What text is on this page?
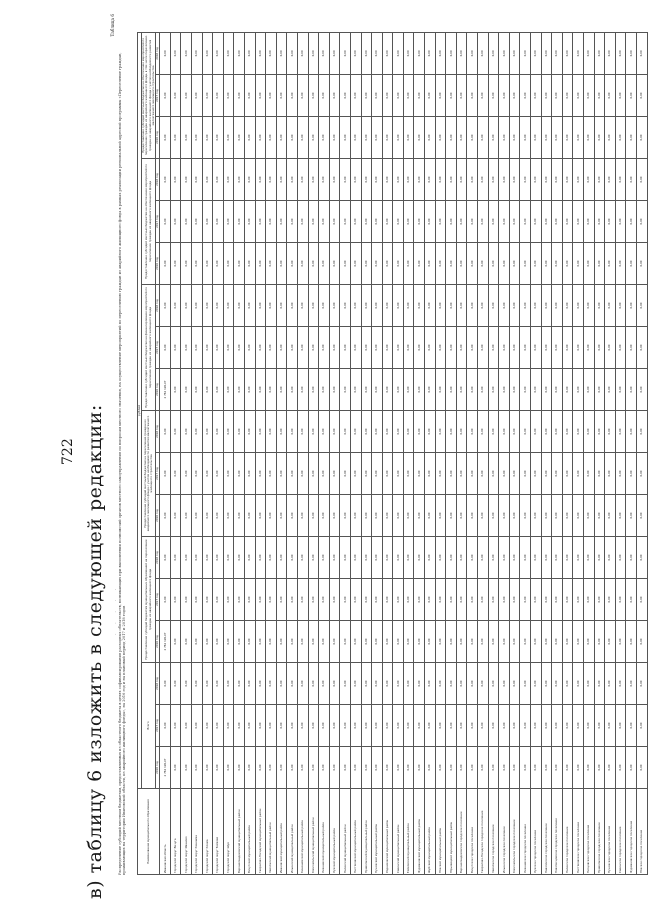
в) таблицу 6 изложить в следующей редакции:
722
· · · · ·
Таблица 6
Распределение субсидий местным бюджетам, предоставляемых из областного бюджета в целях софинансирования расходных обязательств, возникающих при выполнении полномочий органов местного самоуправления по вопросам местного значения, на осуществление мероприятий по переселению граждан из аварийного жилищного фонда в рамках реализации региональной адресной программы «Переселение граждан, проживающих на территории Ивановской области, из аварийного жилищного фонда», на 2016 год и на плановый период 2017 и 2018 годов	Наименование муниципального образования	рублей																	
	Всего			Предоставление субсидий бюджетам муниципальных образований на переселение граждан из аварийного жилищного фонда			Предоставление субсидий местным бюджетам на переселение граждан из аварийного жилищного фонда с учетом необходимости развития малоэтажного жилищного строительства			Предоставление субсидий местным бюджетам на финансирование мероприятий по переселению граждан из аварийного жилищного фонда			Предоставление субсидий местным бюджетам на обеспечение мероприятий по переселению граждан из аварийного жилищного фонда			Предоставление субсидий местным бюджетам на обеспечение мероприятий по переселению граждан из аварийного жилищного фонда, в том числе переселению граждан из аварийного жилищного фонда с учетом необходимости развития малоэтажного жилищного строительства		
	2016 год	2017 год	2018 год	2016 год	2017 год	2018 год	2016 год	2017 год	2018 год	2016 год	2017 год	2018 год	2016 год	2017 год	2018 год	2016 год	2017 год	2018 год
Ивановская область	2 762 190,97	0,00	0,00	2 762 190,97	0,00	0,00	0,00	0,00	0,00	2 762 190,97	0,00	0,00	0,00	0,00	0,00	0,00	0,00	0,00
Городской округ Вичуга	0,00	0,00	0,00	0,00	0,00	0,00	0,00	0,00	0,00	0,00	0,00	0,00	0,00	0,00	0,00	0,00	0,00	0,00
Городской округ Иваново	0,00	0,00	0,00	0,00	0,00	0,00	0,00	0,00	0,00	0,00	0,00	0,00	0,00	0,00	0,00	0,00	0,00	0,00
Городской округ Кинешма	0,00	0,00	0,00	0,00	0,00	0,00	0,00	0,00	0,00	0,00	0,00	0,00	0,00	0,00	0,00	0,00	0,00	0,00
Городской округ Кохма	0,00	0,00	0,00	0,00	0,00	0,00	0,00	0,00	0,00	0,00	0,00	0,00	0,00	0,00	0,00	0,00	0,00	0,00
Городской округ Тейково	0,00	0,00	0,00	0,00	0,00	0,00	0,00	0,00	0,00	0,00	0,00	0,00	0,00	0,00	0,00	0,00	0,00	0,00
Городской округ Шуя	0,00	0,00	0,00	0,00	0,00	0,00	0,00	0,00	0,00	0,00	0,00	0,00	0,00	0,00	0,00	0,00	0,00	0,00
Верхнеландеховский муниципальный район	0,00	0,00	0,00	0,00	0,00	0,00	0,00	0,00	0,00	0,00	0,00	0,00	0,00	0,00	0,00	0,00	0,00	0,00
Вичугский муниципальный район	0,00	0,00	0,00	0,00	0,00	0,00	0,00	0,00	0,00	0,00	0,00	0,00	0,00	0,00	0,00	0,00	0,00	0,00
Гаврилово-Посадский муниципальный район	0,00	0,00	0,00	0,00	0,00	0,00	0,00	0,00	0,00	0,00	0,00	0,00	0,00	0,00	0,00	0,00	0,00	0,00
Заволжский муниципальный район	0,00	0,00	0,00	0,00	0,00	0,00	0,00	0,00	0,00	0,00	0,00	0,00	0,00	0,00	0,00	0,00	0,00	0,00
Ивановский муниципальный район	0,00	0,00	0,00	0,00	0,00	0,00	0,00	0,00	0,00	0,00	0,00	0,00	0,00	0,00	0,00	0,00	0,00	0,00
Ильинский муниципальный район	0,00	0,00	0,00	0,00	0,00	0,00	0,00	0,00	0,00	0,00	0,00	0,00	0,00	0,00	0,00	0,00	0,00	0,00
Кинешемский муниципальный район	0,00	0,00	0,00	0,00	0,00	0,00	0,00	0,00	0,00	0,00	0,00	0,00	0,00	0,00	0,00	0,00	0,00	0,00
Комсомольский муниципальный район	0,00	0,00	0,00	0,00	0,00	0,00	0,00	0,00	0,00	0,00	0,00	0,00	0,00	0,00	0,00	0,00	0,00	0,00
Лежневский муниципальный район	0,00	0,00	0,00	0,00	0,00	0,00	0,00	0,00	0,00	0,00	0,00	0,00	0,00	0,00	0,00	0,00	0,00	0,00
Лухский муниципальный район	0,00	0,00	0,00	0,00	0,00	0,00	0,00	0,00	0,00	0,00	0,00	0,00	0,00	0,00	0,00	0,00	0,00	0,00
Палехский муниципальный район	0,00	0,00	0,00	0,00	0,00	0,00	0,00	0,00	0,00	0,00	0,00	0,00	0,00	0,00	0,00	0,00	0,00	0,00
Пестяковский муниципальный район	0,00	0,00	0,00	0,00	0,00	0,00	0,00	0,00	0,00	0,00	0,00	0,00	0,00	0,00	0,00	0,00	0,00	0,00
Приволжский муниципальный район	0,00	0,00	0,00	0,00	0,00	0,00	0,00	0,00	0,00	0,00	0,00	0,00	0,00	0,00	0,00	0,00	0,00	0,00
Пучежский муниципальный район	0,00	0,00	0,00	0,00	0,00	0,00	0,00	0,00	0,00	0,00	0,00	0,00	0,00	0,00	0,00	0,00	0,00	0,00
Родниковский муниципальный район	0,00	0,00	0,00	0,00	0,00	0,00	0,00	0,00	0,00	0,00	0,00	0,00	0,00	0,00	0,00	0,00	0,00	0,00
Савинский муниципальный район	0,00	0,00	0,00	0,00	0,00	0,00	0,00	0,00	0,00	0,00	0,00	0,00	0,00	0,00	0,00	0,00	0,00	0,00
Тейковский муниципальный район	0,00	0,00	0,00	0,00	0,00	0,00	0,00	0,00	0,00	0,00	0,00	0,00	0,00	0,00	0,00	0,00	0,00	0,00
Фурмановский муниципальный район	0,00	0,00	0,00	0,00	0,00	0,00	0,00	0,00	0,00	0,00	0,00	0,00	0,00	0,00	0,00	0,00	0,00	0,00
Шуйский муниципальный район	0,00	0,00	0,00	0,00	0,00	0,00	0,00	0,00	0,00	0,00	0,00	0,00	0,00	0,00	0,00	0,00	0,00	0,00
Южский муниципальный район	0,00	0,00	0,00	0,00	0,00	0,00	0,00	0,00	0,00	0,00	0,00	0,00	0,00	0,00	0,00	0,00	0,00	0,00
Юрьевецкий муниципальный район	0,00	0,00	0,00	0,00	0,00	0,00	0,00	0,00	0,00	0,00	0,00	0,00	0,00	0,00	0,00	0,00	0,00	0,00
Верхнеландеховское городское поселение	0,00	0,00	0,00	0,00	0,00	0,00	0,00	0,00	0,00	0,00	0,00	0,00	0,00	0,00	0,00	0,00	0,00	0,00
Вичугское городское поселение	0,00	0,00	0,00	0,00	0,00	0,00	0,00	0,00	0,00	0,00	0,00	0,00	0,00	0,00	0,00	0,00	0,00	0,00
Гаврилово-Посадское городское поселение	0,00	0,00	0,00	0,00	0,00	0,00	0,00	0,00	0,00	0,00	0,00	0,00	0,00	0,00	0,00	0,00	0,00	0,00
Заволжское городское поселение	0,00	0,00	0,00	0,00	0,00	0,00	0,00	0,00	0,00	0,00	0,00	0,00	0,00	0,00	0,00	0,00	0,00	0,00
Ильинское городское поселение	0,00	0,00	0,00	0,00	0,00	0,00	0,00	0,00	0,00	0,00	0,00	0,00	0,00	0,00	0,00	0,00	0,00	0,00
Комсомольское городское поселение	0,00	0,00	0,00	0,00	0,00	0,00	0,00	0,00	0,00	0,00	0,00	0,00	0,00	0,00	0,00	0,00	0,00	0,00
Лежневское городское поселение	0,00	0,00	0,00	0,00	0,00	0,00	0,00	0,00	0,00	0,00	0,00	0,00	0,00	0,00	0,00	0,00	0,00	0,00
Лухское городское поселение	0,00	0,00	0,00	0,00	0,00	0,00	0,00	0,00	0,00	0,00	0,00	0,00	0,00	0,00	0,00	0,00	0,00	0,00
Наволокское городское поселение	0,00	0,00	0,00	0,00	0,00	0,00	0,00	0,00	0,00	0,00	0,00	0,00	0,00	0,00	0,00	0,00	0,00	0,00
Новописцовское городское поселение	0,00	0,00	0,00	0,00	0,00	0,00	0,00	0,00	0,00	0,00	0,00	0,00	0,00	0,00	0,00	0,00	0,00	0,00
Палехское городское поселение	0,00	0,00	0,00	0,00	0,00	0,00	0,00	0,00	0,00	0,00	0,00	0,00	0,00	0,00	0,00	0,00	0,00	0,00
Пестяковское городское поселение	0,00	0,00	0,00	0,00	0,00	0,00	0,00	0,00	0,00	0,00	0,00	0,00	0,00	0,00	0,00	0,00	0,00	0,00
Писцовское городское поселение	0,00	0,00	0,00	0,00	0,00	0,00	0,00	0,00	0,00	0,00	0,00	0,00	0,00	0,00	0,00	0,00	0,00	0,00
Приволжское городское поселение	0,00	0,00	0,00	0,00	0,00	0,00	0,00	0,00	0,00	0,00	0,00	0,00	0,00	0,00	0,00	0,00	0,00	0,00
Пучежское городское поселение	0,00	0,00	0,00	0,00	0,00	0,00	0,00	0,00	0,00	0,00	0,00	0,00	0,00	0,00	0,00	0,00	0,00	0,00
Савинское городское поселение	0,00	0,00	0,00	0,00	0,00	0,00	0,00	0,00	0,00	0,00	0,00	0,00	0,00	0,00	0,00	0,00	0,00	0,00
Фурмановское городское поселение	0,00	0,00	0,00	0,00	0,00	0,00	0,00	0,00	0,00	0,00	0,00	0,00	0,00	0,00	0,00	0,00	0,00	0,00
Южское городское поселение	0,00	0,00	0,00	0,00	0,00	0,00	0,00	0,00	0,00	0,00	0,00	0,00	0,00	0,00	0,00	0,00	0,00	0,00
